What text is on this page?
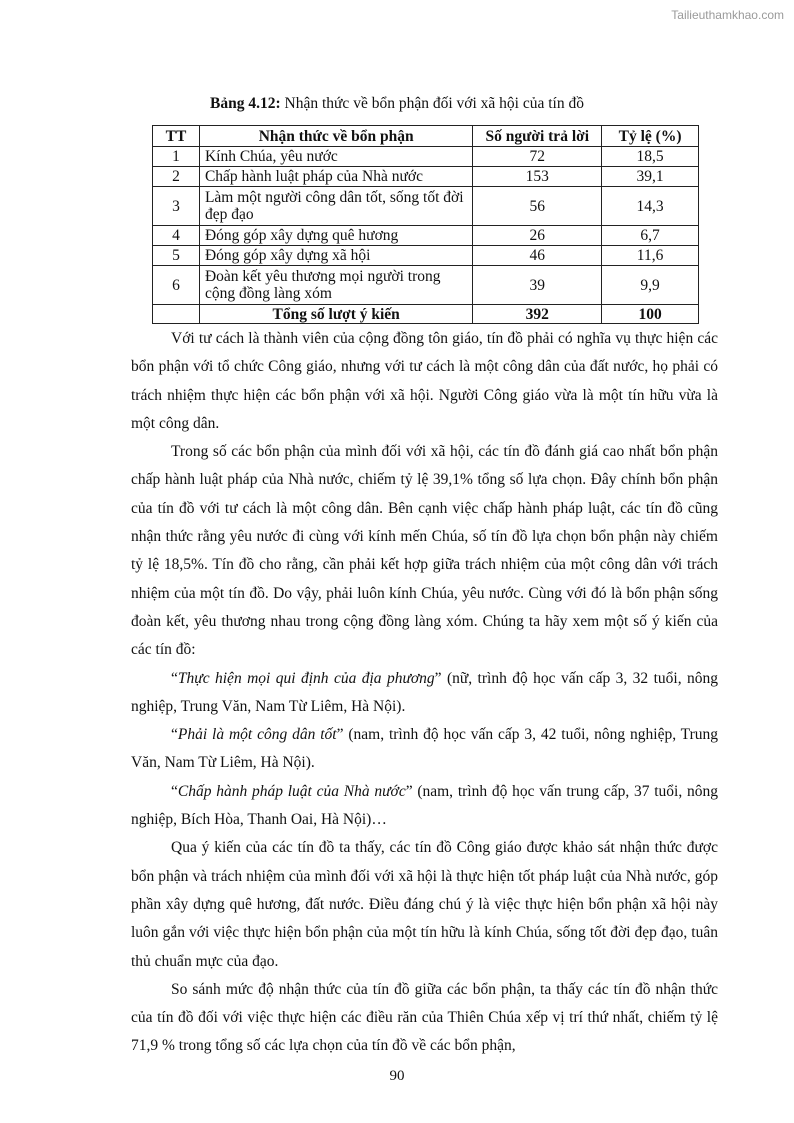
Tailieuthamkhao.com
Bảng 4.12: Nhận thức về bổn phận đối với xã hội của tín đồ
TT	Nhận thức về bổn phận	Số người trả lời	Tỷ lệ (%)
1	Kính Chúa, yêu nước	72	18,5
2	Chấp hành luật pháp của Nhà nước	153	39,1
3	Làm một người công dân tốt, sống tốt đời đẹp đạo	56	14,3
4	Đóng góp xây dựng quê hương	26	6,7
5	Đóng góp xây dựng xã hội	46	11,6
6	Đoàn kết yêu thương mọi người trong cộng đồng làng xóm	39	9,9
	Tổng số lượt ý kiến	392	100

Với tư cách là thành viên của cộng đồng tôn giáo, tín đồ phải có nghĩa vụ thực hiện các bổn phận với tổ chức Công giáo, nhưng với tư cách là một công dân của đất nước, họ phải có trách nhiệm thực hiện các bổn phận với xã hội. Người Công giáo vừa là một tín hữu vừa là một công dân.

Trong số các bổn phận của mình đối với xã hội, các tín đồ đánh giá cao nhất bổn phận chấp hành luật pháp của Nhà nước, chiếm tỷ lệ 39,1% tổng số lựa chọn. Đây chính bổn phận của tín đồ với tư cách là một công dân. Bên cạnh việc chấp hành pháp luật, các tín đồ cũng nhận thức rằng yêu nước đi cùng với kính mến Chúa, số tín đồ lựa chọn bổn phận này chiếm tỷ lệ 18,5%. Tín đồ cho rằng, cần phải kết hợp giữa trách nhiệm của một công dân với trách nhiệm của một tín đồ. Do vậy, phải luôn kính Chúa, yêu nước. Cùng với đó là bổn phận sống đoàn kết, yêu thương nhau trong cộng đồng làng xóm. Chúng ta hãy xem một số ý kiến của các tín đồ:

“Thực hiện mọi qui định của địa phương” (nữ, trình độ học vấn cấp 3, 32 tuổi, nông nghiệp, Trung Văn, Nam Từ Liêm, Hà Nội).

“Phải là một công dân tốt” (nam, trình độ học vấn cấp 3, 42 tuổi, nông nghiệp, Trung Văn, Nam Từ Liêm, Hà Nội).

“Chấp hành pháp luật của Nhà nước” (nam, trình độ học vấn trung cấp, 37 tuổi, nông nghiệp, Bích Hòa, Thanh Oai, Hà Nội)…

Qua ý kiến của các tín đồ ta thấy, các tín đồ Công giáo được khảo sát nhận thức được bổn phận và trách nhiệm của mình đối với xã hội là thực hiện tốt pháp luật của Nhà nước, góp phần xây dựng quê hương, đất nước. Điều đáng chú ý là việc thực hiện bổn phận xã hội này luôn gắn với việc thực hiện bổn phận của một tín hữu là kính Chúa, sống tốt đời đẹp đạo, tuân thủ chuẩn mực của đạo.

So sánh mức độ nhận thức của tín đồ giữa các bổn phận, ta thấy các tín đồ nhận thức của tín đồ đối với việc thực hiện các điều răn của Thiên Chúa xếp vị trí thứ nhất, chiếm tỷ lệ 71,9 % trong tổng số các lựa chọn của tín đồ về các bổn phận,

90
